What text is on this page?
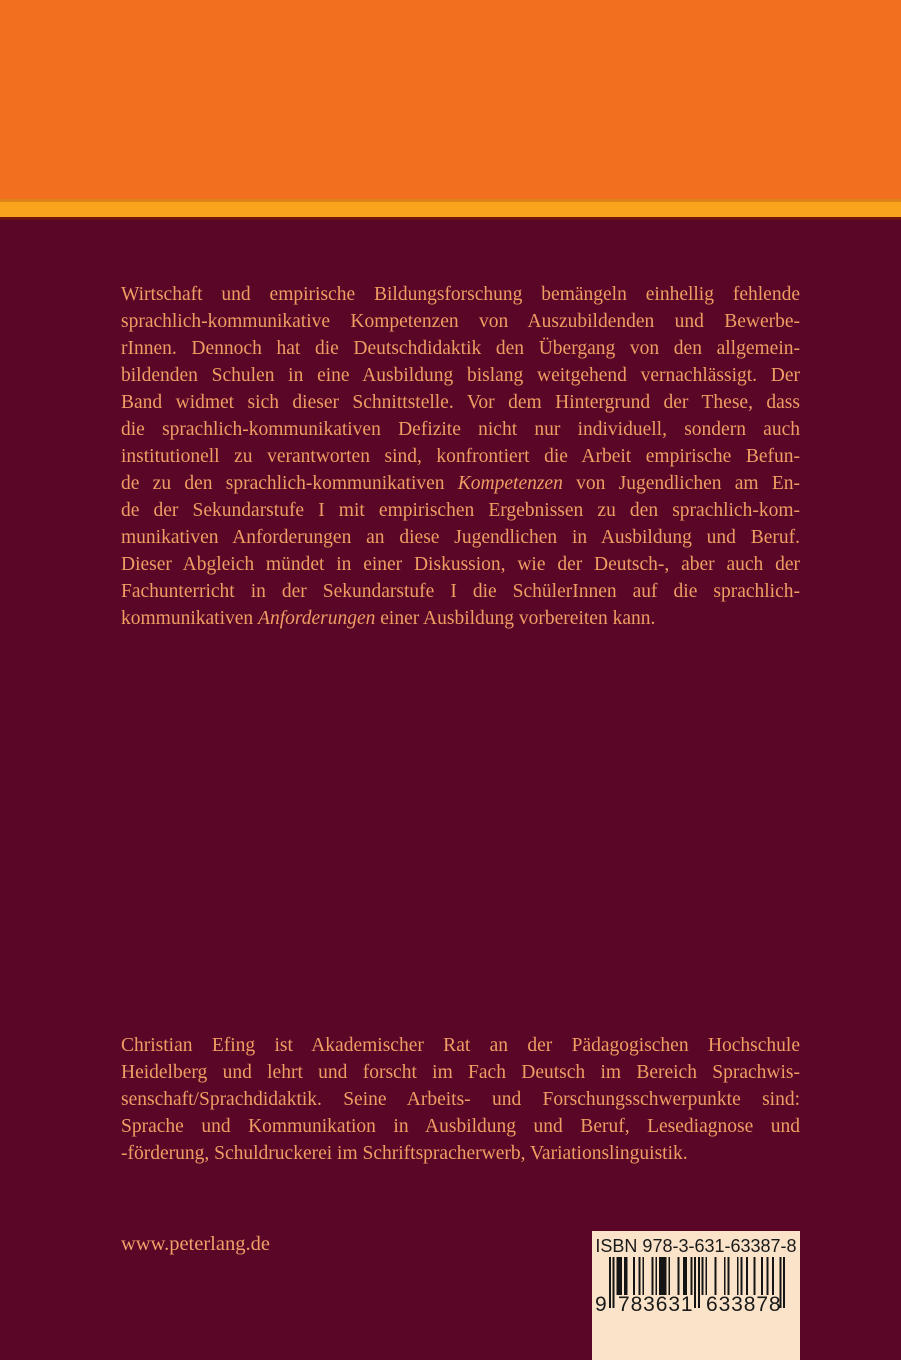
Wirtschaft und empirische Bildungsforschung bemängeln einhellig fehlende
sprachlich-kommunikative Kompetenzen von Auszubildenden und Bewerbe-
rInnen. Dennoch hat die Deutschdidaktik den Übergang von den allgemein-
bildenden Schulen in eine Ausbildung bislang weitgehend vernachlässigt. Der
Band widmet sich dieser Schnittstelle. Vor dem Hintergrund der These, dass
die sprachlich-kommunikativen Defizite nicht nur individuell, sondern auch
institutionell zu verantworten sind, konfrontiert die Arbeit empirische Befun-
de zu den sprachlich-kommunikativen Kompetenzen von Jugendlichen am En-
de der Sekundarstufe I mit empirischen Ergebnissen zu den sprachlich-kom-
munikativen Anforderungen an diese Jugendlichen in Ausbildung und Beruf.
Dieser Abgleich mündet in einer Diskussion, wie der Deutsch-, aber auch der
Fachunterricht in der Sekundarstufe I die SchülerInnen auf die sprachlich-
kommunikativen Anforderungen einer Ausbildung vorbereiten kann.
Christian Efing ist Akademischer Rat an der Pädagogischen Hochschule
Heidelberg und lehrt und forscht im Fach Deutsch im Bereich Sprachwis-
senschaft/Sprachdidaktik. Seine Arbeits- und Forschungsschwerpunkte sind:
Sprache und Kommunikation in Ausbildung und Beruf, Lesediagnose und
-förderung, Schuldruckerei im Schriftspracherwerb, Variationslinguistik.
www.peterlang.de	ISBN 978-3-631-63387-8
9 783631 633878
